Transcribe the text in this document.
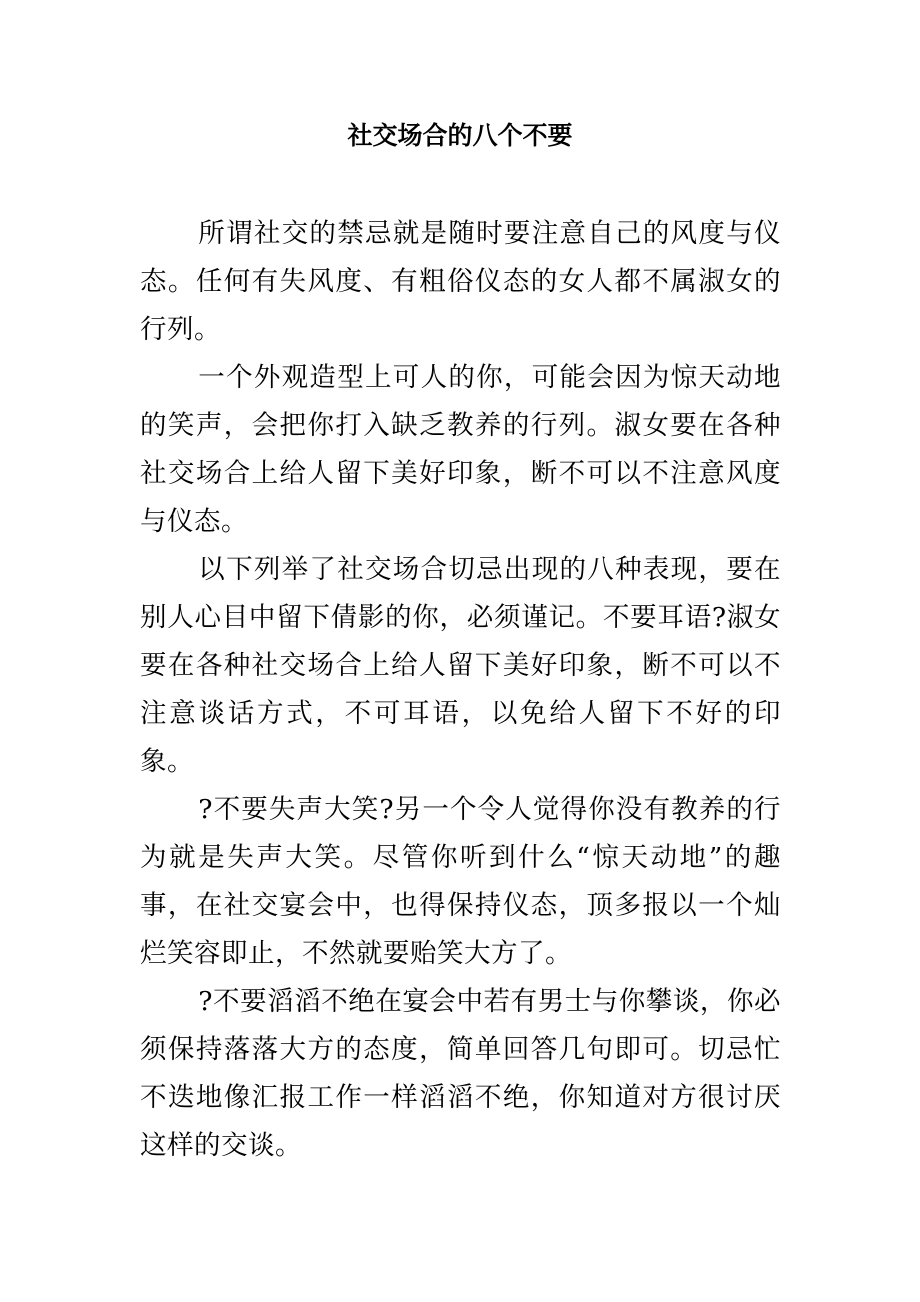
社交场合的八个不要

所谓社交的禁忌就是随时要注意自己的风度与仪态。任何有失风度、有粗俗仪态的女人都不属淑女的行列。

一个外观造型上可人的你，可能会因为惊天动地的笑声，会把你打入缺乏教养的行列。淑女要在各种社交场合上给人留下美好印象，断不可以不注意风度与仪态。

以下列举了社交场合切忌出现的八种表现，要在别人心目中留下倩影的你，必须谨记。不要耳语?淑女要在各种社交场合上给人留下美好印象，断不可以不注意谈话方式，不可耳语，以免给人留下不好的印象。

?不要失声大笑?另一个令人觉得你没有教养的行为就是失声大笑。尽管你听到什么“惊天动地”的趣事，在社交宴会中，也得保持仪态，顶多报以一个灿烂笑容即止，不然就要贻笑大方了。

?不要滔滔不绝在宴会中若有男士与你攀谈，你必须保持落落大方的态度，简单回答几句即可。切忌忙不迭地像汇报工作一样滔滔不绝，你知道对方很讨厌这样的交谈。
